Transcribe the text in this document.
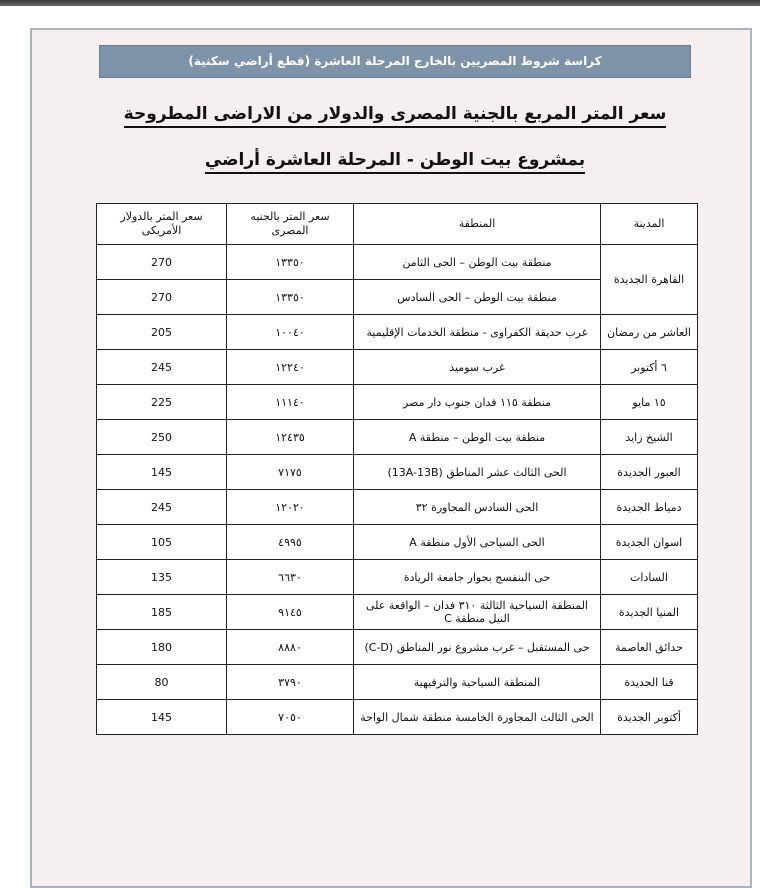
كراسة شروط المصريين بالخارج المرحلة العاشرة (قطع أراضي سكنية)
سعر المتر المربع بالجنية المصرى والدولار من الاراضى المطروحة
بمشروع بيت الوطن - المرحلة العاشرة أراضي
المدينة	المنطقة	سعر المتر بالجنيه المصرى	سعر المتر بالدولار الأمريكى
القاهرة الجديدة	منطقة بيت الوطن – الحى الثامن	١٣٣٥٠	270
	منطقة بيت الوطن – الحى السادس	١٣٣٥٠	270
العاشر من رمضان	غرب حديقة الكفراوى - منطقة الخدمات الإقليمية	١٠٠٤٠	205
٦ أكتوبر	غرب سوميد	١٢٢٤٠	245
١٥ مايو	منطقة ١١٥ فدان جنوب دار مصر	١١١٤٠	225
الشيخ زايد	منطقة بيت الوطن – منطقة A	١٢٤٣٥	250
العبور الجديدة	الحى الثالث عشر المناطق (13A-13B)	٧١٧٥	145
دمياط الجديدة	الحى السادس المجاورة ٣٢	١٢٠٢٠	245
اسوان الجديدة	الحى السياحى الأول منطقة A	٤٩٩٥	105
السادات	حى البنفسج بجوار جامعة الريادة	٦٦٣٠	135
المنيا الجديدة	المنطقة السياحية الثالثة ٣١٠ فدان – الواقعة على النيل منطقة C	٩١٤٥	185
حدائق العاصمة	حى المستقبل – غرب مشروع نور المناطق (C-D)	٨٨٨٠	180
قنا الجديدة	المنطقة السياحية والترفيهية	٣٧٩٠	80
أكتوبر الجديدة	الحى الثالث المجاورة الخامسة منطقة شمال الواحة	٧٠٥٠	145
